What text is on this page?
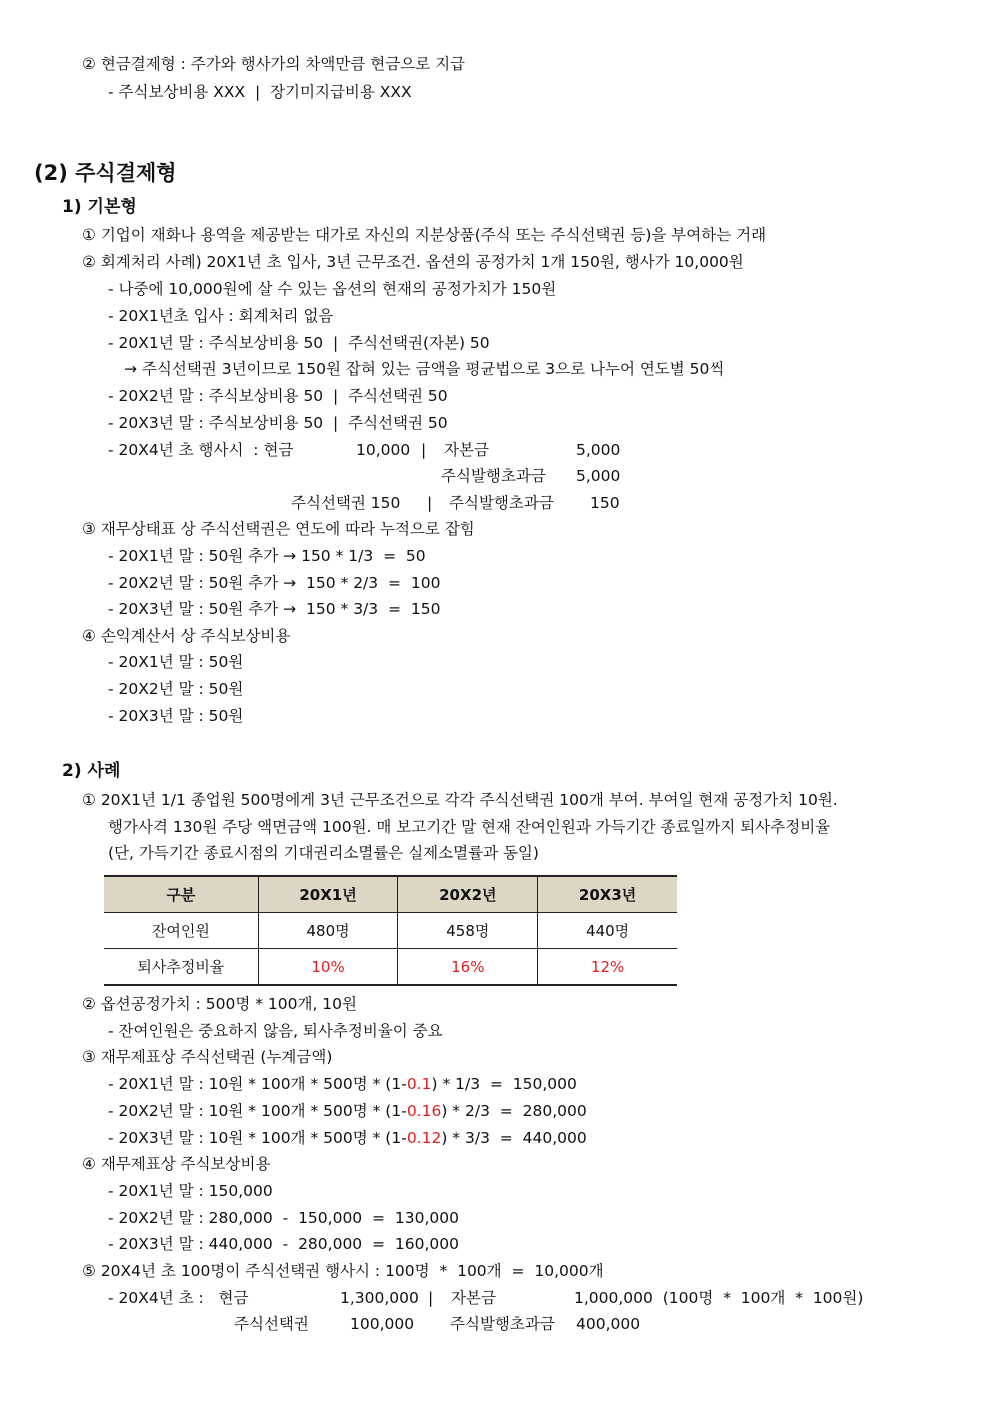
② 현금결제형 : 주가와 행사가의 차액만큼 현금으로 지급
- 주식보상비용 XXX  |  장기미지급비용 XXX
(2) 주식결제형
1) 기본형
① 기업이 재화나 용역을 제공받는 대가로 자신의 지분상품(주식 또는 주식선택권 등)을 부여하는 거래
② 회계처리 사례) 20X1년 초 입사, 3년 근무조건. 옵션의 공정가치 1개 150원, 행사가 10,000원
- 나중에 10,000원에 살 수 있는 옵션의 현재의 공정가치가 150원
- 20X1년초 입사 : 회계처리 없음
- 20X1년 말 : 주식보상비용 50  |  주식선택권(자본) 50
→ 주식선택권 3년이므로 150원 잡혀 있는 금액을 평균법으로 3으로 나누어 연도별 50씩
- 20X2년 말 : 주식보상비용 50  |  주식선택권 50
- 20X3년 말 : 주식보상비용 50  |  주식선택권 50
- 20X4년 초 행사시  : 현금	10,000 | 자본금	5,000
주식발행초과금 5,000
주식선택권 150 | 주식발행초과금 150
③ 재무상태표 상 주식선택권은 연도에 따라 누적으로 잡힘
- 20X1년 말 : 50원 추가 → 150 * 1/3  =  50
- 20X2년 말 : 50원 추가 →  150 * 2/3  =  100
- 20X3년 말 : 50원 추가 →  150 * 3/3  =  150
④ 손익계산서 상 주식보상비용
- 20X1년 말 : 50원
- 20X2년 말 : 50원
- 20X3년 말 : 50원
2) 사례
① 20X1년 1/1 종업원 500명에게 3년 근무조건으로 각각 주식선택권 100개 부여. 부여일 현재 공정가치 10원.
행가사격 130원 주당 액면금액 100원. 매 보고기간 말 현재 잔여인원과 가득기간 종료일까지 퇴사추정비율
(단, 가득기간 종료시점의 기대권리소멸률은 실제소멸률과 동일)
구분	20X1년	20X2년	20X3년
잔여인원	480명	458명	440명
퇴사추정비율	10%	16%	12%
② 옵션공정가치 : 500명 * 100개, 10원
- 잔여인원은 중요하지 않음, 퇴사추정비율이 중요
③ 재무제표상 주식선택권 (누계금액)
- 20X1년 말 : 10원 * 100개 * 500명 * (1-0.1) * 1/3  =  150,000
- 20X2년 말 : 10원 * 100개 * 500명 * (1-0.16) * 2/3  =  280,000
- 20X3년 말 : 10원 * 100개 * 500명 * (1-0.12) * 3/3  =  440,000
④ 재무제표상 주식보상비용
- 20X1년 말 : 150,000
- 20X2년 말 : 280,000  -  150,000  =  130,000
- 20X3년 말 : 440,000  -  280,000  =  160,000
⑤ 20X4년 초 100명이 주식선택권 행사시 : 100명  *  100개  =  10,000개
- 20X4년 초 :   현금	1,300,000 | 자본금	1,000,000  (100명  *  100개  *  100원)
주식선택권	100,000 주식발행초과금 400,000
